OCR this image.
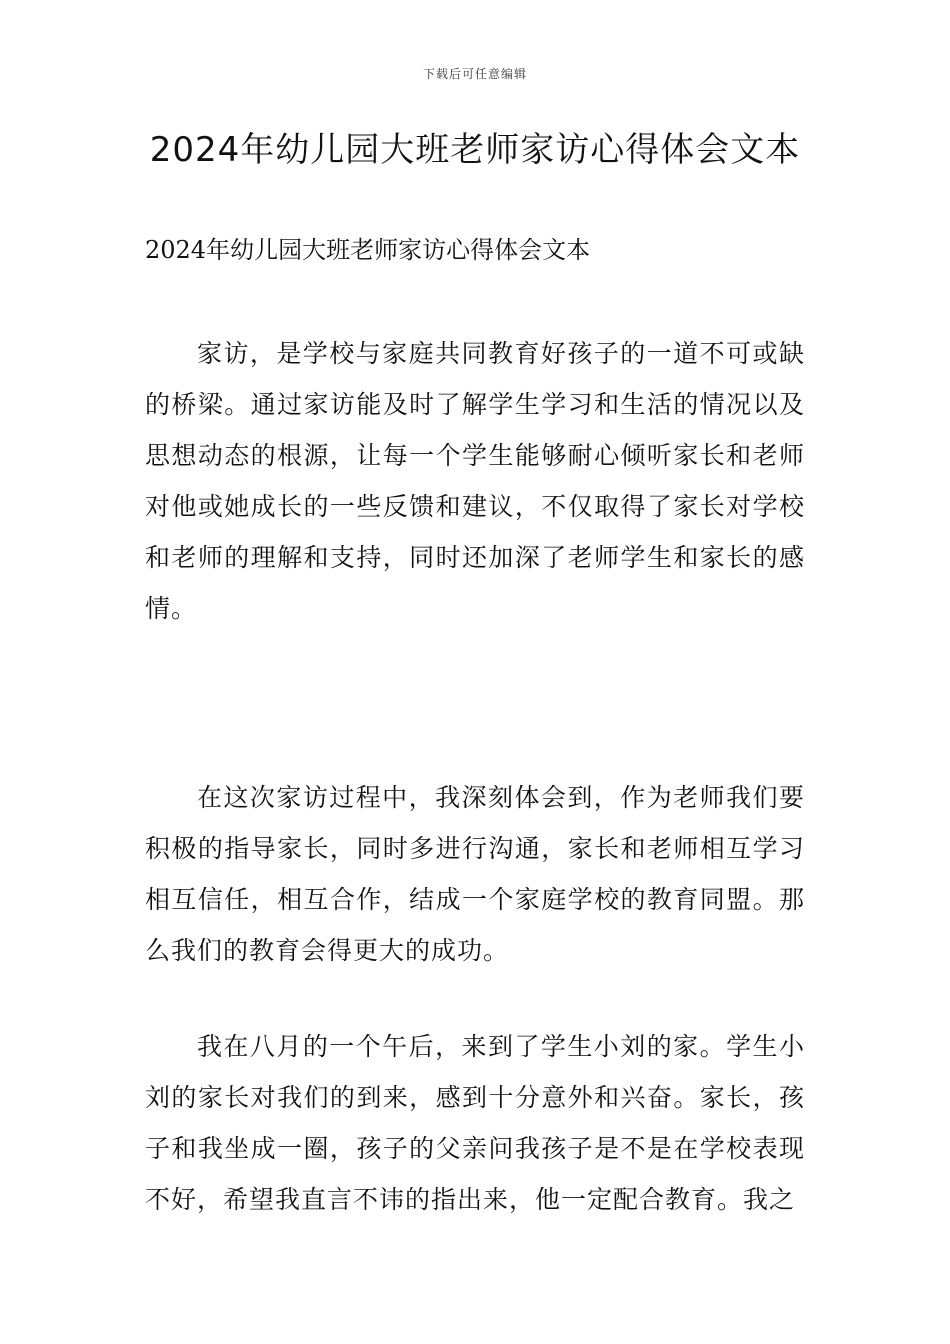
下载后可任意编辑
2024年幼儿园大班老师家访心得体会文本

2024年幼儿园大班老师家访心得体会文本

家访，是学校与家庭共同教育好孩子的一道不可或缺的桥梁。通过家访能及时了解学生学习和生活的情况以及思想动态的根源，让每一个学生能够耐心倾听家长和老师对他或她成长的一些反馈和建议，不仅取得了家长对学校和老师的理解和支持，同时还加深了老师学生和家长的感情。

在这次家访过程中，我深刻体会到，作为老师我们要积极的指导家长，同时多进行沟通，家长和老师相互学习相互信任，相互合作，结成一个家庭学校的教育同盟。那么我们的教育会得更大的成功。

我在八月的一个午后，来到了学生小刘的家。学生小刘的家长对我们的到来，感到十分意外和兴奋。家长，孩子和我坐成一圈，孩子的父亲问我孩子是不是在学校表现不好，希望我直言不讳的指出来，他一定配合教育。我之
